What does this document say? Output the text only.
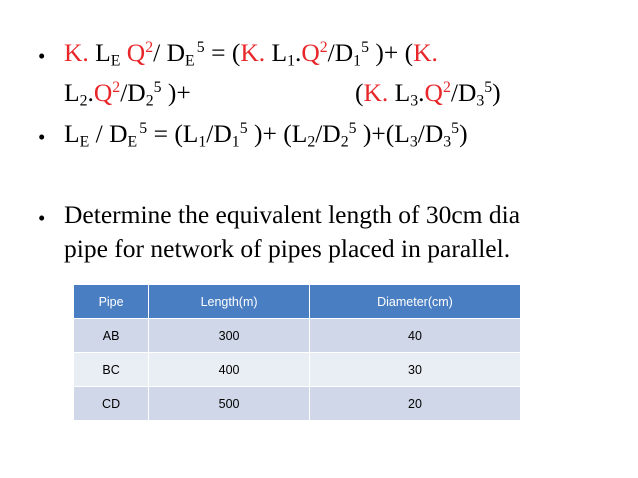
• K. $L_E$ $Q^2/$ $D_E$ $^5$ = (K. $L_1.Q^2/D_1^5$ )+ (K.
$L_2.Q^2/D_2^5$ )+	(K. $L_3.Q^2/D_3^5$)
• $L_E / D_E$ $^5 = (L_1/D_1^5$ )+ ($L_2/D_2^5$ )$+(L_3/D_3^5)$
• Determine the equivalent length of 30cm dia
pipe for network of pipes placed in parallel.
Pipe	Length(m)	Diameter(cm)
AB	300	40
BC	400	30
CD	500	20
